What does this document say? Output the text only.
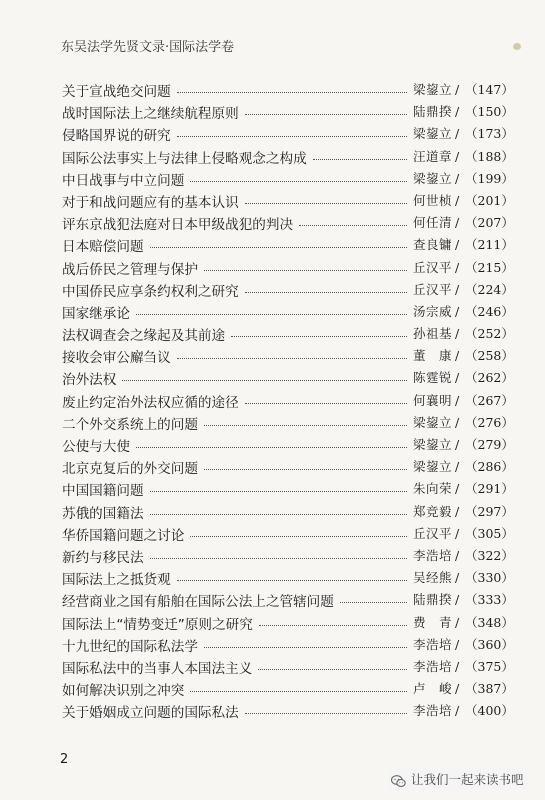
东吴法学先贤文录·国际法学卷
关于宣战绝交问题	梁鋆立 / （147）
战时国际法上之继续航程原则	陆鼎揆 / （150）
侵略国界说的研究	梁鋆立 / （173）
国际公法事实上与法律上侵略观念之构成	汪道章 / （188）
中日战事与中立问题	梁鋆立 / （199）
对于和战问题应有的基本认识	何世桢 / （201）
评东京战犯法庭对日本甲级战犯的判决	何任清 / （207）
日本赔偿问题	查良镛 / （211）
战后侨民之管理与保护	丘汉平 / （215）
中国侨民应享条约权利之研究	丘汉平 / （224）
国家继承论	汤宗威 / （246）
法权调查会之缘起及其前途	孙祖基 / （252）
接收会审公廨刍议	董　康 / （258）
治外法权	陈霆锐 / （262）
废止约定治外法权应循的途径	何襄明 / （267）
二个外交系统上的问题	梁鋆立 / （276）
公使与大使	梁鋆立 / （279）
北京克复后的外交问题	梁鋆立 / （286）
中国国籍问题	朱向荣 / （291）
苏俄的国籍法	郑竞毅 / （297）
华侨国籍问题之讨论	丘汉平 / （305）
新约与移民法	李浩培 / （322）
国际法上之抵货观	吴经熊 / （330）
经营商业之国有船舶在国际公法上之管辖问题	陆鼎揆 / （333）
国际法上“情势变迁”原则之研究	费　青 / （348）
十九世纪的国际私法学	李浩培 / （360）
国际私法中的当事人本国法主义	李浩培 / （375）
如何解决识别之冲突	卢　峻 / （387）
关于婚姻成立问题的国际私法	李浩培 / （400）
2
让我们一起来读书吧
